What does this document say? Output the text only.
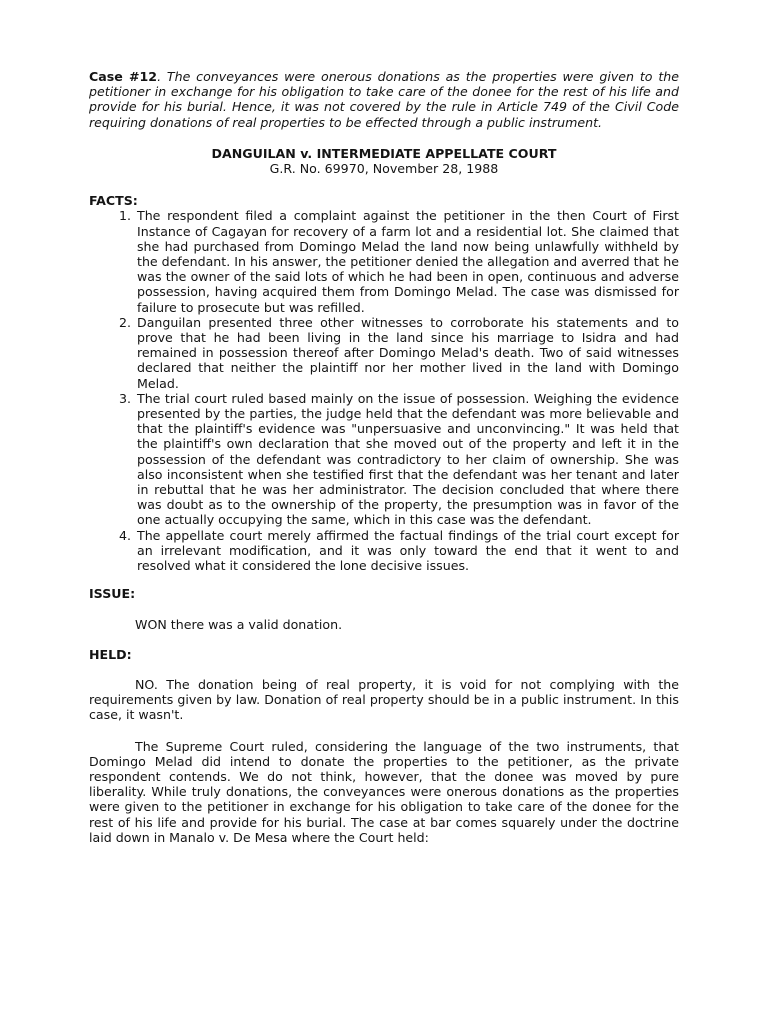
Case #12. The conveyances were onerous donations as the properties were given to the petitioner in exchange for his obligation to take care of the donee for the rest of his life and provide for his burial. Hence, it was not covered by the rule in Article 749 of the Civil Code requiring donations of real properties to be effected through a public instrument.
DANGUILAN v. INTERMEDIATE APPELLATE COURT
G.R. No. 69970, November 28, 1988
FACTS:
1. The respondent filed a complaint against the petitioner in the then Court of First Instance of Cagayan for recovery of a farm lot and a residential lot. She claimed that she had purchased from Domingo Melad the land now being unlawfully withheld by the defendant. In his answer, the petitioner denied the allegation and averred that he was the owner of the said lots of which he had been in open, continuous and adverse possession, having acquired them from Domingo Melad. The case was dismissed for failure to prosecute but was refilled.
2. Danguilan presented three other witnesses to corroborate his statements and to prove that he had been living in the land since his marriage to Isidra and had remained in possession thereof after Domingo Melad's death. Two of said witnesses declared that neither the plaintiff nor her mother lived in the land with Domingo Melad.
3. The trial court ruled based mainly on the issue of possession. Weighing the evidence presented by the parties, the judge held that the defendant was more believable and that the plaintiff's evidence was "unpersuasive and unconvincing." It was held that the plaintiff's own declaration that she moved out of the property and left it in the possession of the defendant was contradictory to her claim of ownership. She was also inconsistent when she testified first that the defendant was her tenant and later in rebuttal that he was her administrator. The decision concluded that where there was doubt as to the ownership of the property, the presumption was in favor of the one actually occupying the same, which in this case was the defendant.
4. The appellate court merely affirmed the factual findings of the trial court except for an irrelevant modification, and it was only toward the end that it went to and resolved what it considered the lone decisive issues.
ISSUE:
WON there was a valid donation.
HELD:
NO. The donation being of real property, it is void for not complying with the requirements given by law. Donation of real property should be in a public instrument. In this case, it wasn't.
The Supreme Court ruled, considering the language of the two instruments, that Domingo Melad did intend to donate the properties to the petitioner, as the private respondent contends. We do not think, however, that the donee was moved by pure liberality. While truly donations, the conveyances were onerous donations as the properties were given to the petitioner in exchange for his obligation to take care of the donee for the rest of his life and provide for his burial. The case at bar comes squarely under the doctrine laid down in Manalo v. De Mesa where the Court held:
